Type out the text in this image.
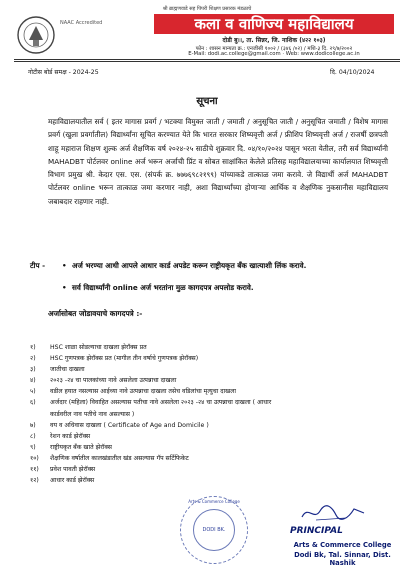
श्री ब्राह्मणवाडे सह पिंपरी शिक्षण प्रसारक मंडळाचे
NAAC Accredited	कला व वाणिज्य महाविद्यालय
दोडी बु।।, ता. सिन्नर, जि. नाशिक (४२२ १०३)
फोन : शासन मान्यता क्र.: एनजीसी १००२ / (३४६ /०२) / मशि-३ दि. २९/७/२००२
E-Mail: dodi.ac.college@gmail.com · Web: www.dodicollege.ac.in
नोटीस बोर्ड समक्ष - 2024-25	दि. 04/10/2024
सूचना

महाविद्यालयातील सर्व ( इतर मागास प्रवर्ग / भटक्या विमुक्त जाती / जमाती / अनुसूचित जाती / अनुसूचित जमाती / विशेष मागास प्रवर्ग (खुला प्रवर्गातील) विद्यार्थ्यांना सूचित करण्यात येते कि भारत सरकार शिष्यवृत्ती अर्ज / फ्रीशिप शिष्यवृत्ती अर्ज / राजर्षी छत्रपती शाहू महाराज शिक्षण शुल्क अर्ज शैक्षणिक वर्ष २०२४-२५ साठीचे शुक्रवार दि. ०४/१०/२०२४ पासून भरता येतील, तरी सर्व विद्यार्थ्यांनी MAHADBT पोर्टलवर online अर्ज भरून अर्जाची प्रिंट व सोबत साक्षांकित केलेले प्रतिसह महाविद्यालयाच्या कार्यालयात शिष्यवृत्ती विभाग प्रमुख श्री. केदार एस. एस. (संपर्क क्र. ७७७६९८२१९९) यांच्याकडे तात्काळ जमा करावे. जे विद्यार्थी अर्ज MAHADBT पोर्टलवर online भरून तात्काळ जमा करणार नाही, अशा विद्यार्थ्यांच्या होणाऱ्या आर्थिक व शैक्षणिक नुकसानीस महाविद्यालय जबाबदार राहणार नाही.

टीप - • अर्ज भरण्या आधी आपले आधार कार्ड अपडेट करून राष्ट्रीयकृत बँक खात्याशी लिंक करावे.
• सर्व विद्यार्थ्यांनी online अर्ज भरतांना मुळ कागदपत्र अपलोड करावे.
अर्जासोबत जोडावयाचे कागदपत्रे :-
१) HSC शाळा सोडल्याचा दाखला झेरॉक्स प्रत
२) HSC गुणपत्रक झेरॉक्स प्रत (मागील तीन वर्षाचे गुणपत्रक झेरॉक्स)
३) जातीचा दाखला
४) २०२३ -२४ चा पालकांच्या नावे असलेला उत्पन्नाचा दाखला
५) वडील हयात नसल्यास आईच्या नावे उत्पन्नाचा दाखला तसेच वडिलांचा मृत्युचा दाखला
६) अर्जदार (महिला) विवाहित असल्यास पतीचा नावे असलेला २०२३ -२४ चा उत्पन्नाचा दाखला ( आधार
कार्डवरील नाव पतीचे नाव असल्यास )
७) वय व अधिवास दाखला ( Certificate of Age and Domicile )
८) रेशन कार्ड झेरॉक्स
९) राष्ट्रीयकृत बँक खाते झेरॉक्स
१०) शैक्षणिक वर्षातील कालखंडातील खंड असल्यास गॅप सर्टिफिकेट
११) प्रवेश पावती झेरॉक्स
१२) आधार कार्ड झेरॉक्स
Arts & Commerce College
DODI BK.	PRINCIPAL
Arts & Commerce College
Dodi Bk, Tal. Sinnar, Dist. Nashik
